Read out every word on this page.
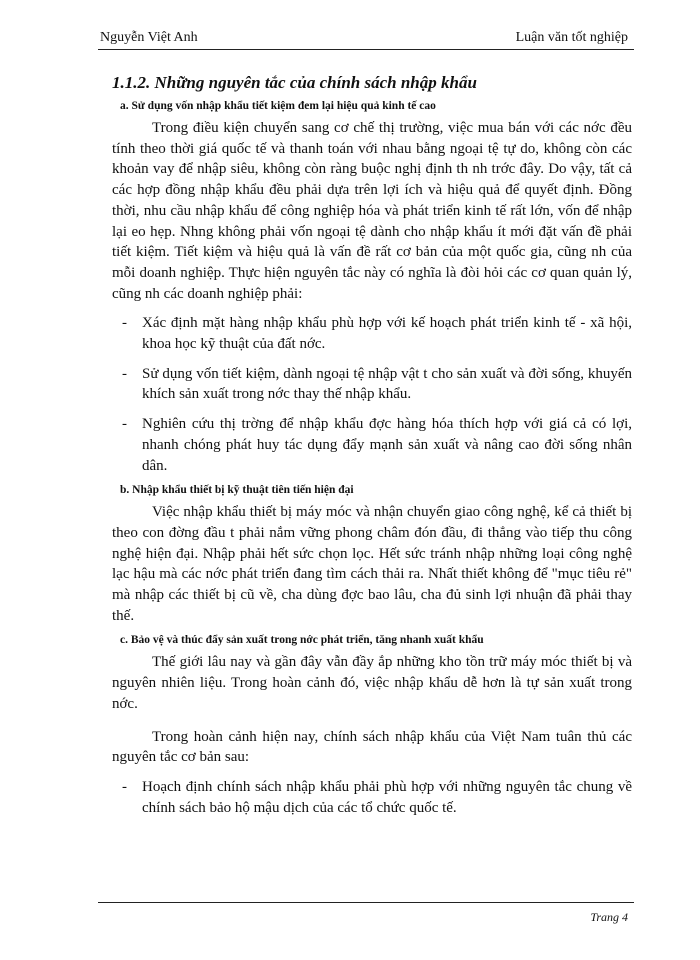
Nguyễn Việt Anh	Luận văn tốt nghiệp
1.1.2. Những nguyên tắc của chính sách nhập khẩu
a. Sử dụng vốn nhập khẩu tiết kiệm đem lại hiệu quả kinh tế cao

Trong điều kiện chuyển sang cơ chế thị trường, việc mua bán với các nớc đều tính theo thời giá quốc tế và thanh toán với nhau bằng ngoại tệ tự do, không còn các khoản vay để nhập siêu, không còn ràng buộc nghị định th nh trớc đây. Do vậy, tất cả các hợp đồng nhập khẩu đều phải dựa trên lợi ích và hiệu quả để quyết định. Đồng thời, nhu cầu nhập khẩu để công nghiệp hóa và phát triển kinh tế rất lớn, vốn để nhập lại eo hẹp. Nhng không phải vốn ngoại tệ dành cho nhập khẩu ít mới đặt vấn đề phải tiết kiệm. Tiết kiệm và hiệu quả là vấn đề rất cơ bản của một quốc gia, cũng nh của mỗi doanh nghiệp. Thực hiện nguyên tắc này có nghĩa là đòi hỏi các cơ quan quản lý, cũng nh các doanh nghiệp phải:

- Xác định mặt hàng nhập khẩu phù hợp với kế hoạch phát triển kinh tế - xã hội, khoa học kỹ thuật của đất nớc.
- Sử dụng vốn tiết kiệm, dành ngoại tệ nhập vật t cho sản xuất và đời sống, khuyến khích sản xuất trong nớc thay thế nhập khẩu.
- Nghiên cứu thị trờng để nhập khẩu đợc hàng hóa thích hợp với giá cả có lợi, nhanh chóng phát huy tác dụng đẩy mạnh sản xuất và nâng cao đời sống nhân dân.
b. Nhập khẩu thiết bị kỹ thuật tiên tiến hiện đại

Việc nhập khẩu thiết bị máy móc và nhận chuyển giao công nghệ, kể cả thiết bị theo con đờng đầu t phải nắm vững phong châm đón đầu, đi thẳng vào tiếp thu công nghệ hiện đại. Nhập phải hết sức chọn lọc. Hết sức tránh nhập những loại công nghệ lạc hậu mà các nớc phát triển đang tìm cách thải ra. Nhất thiết không để "mục tiêu rẻ" mà nhập các thiết bị cũ về, cha dùng đợc bao lâu, cha đủ sinh lợi nhuận đã phải thay thế.

c. Bảo vệ và thúc đẩy sản xuất trong nớc phát triển, tăng nhanh xuất khẩu

Thế giới lâu nay và gần đây vẫn đầy ắp những kho tồn trữ máy móc thiết bị và nguyên nhiên liệu. Trong hoàn cảnh đó, việc nhập khẩu dễ hơn là tự sản xuất trong nớc.

Trong hoàn cảnh hiện nay, chính sách nhập khẩu của Việt Nam tuân thủ các nguyên tắc cơ bản sau:

- Hoạch định chính sách nhập khẩu phải phù hợp với những nguyên tắc chung về chính sách bảo hộ mậu dịch của các tổ chức quốc tế.
Trang 4
